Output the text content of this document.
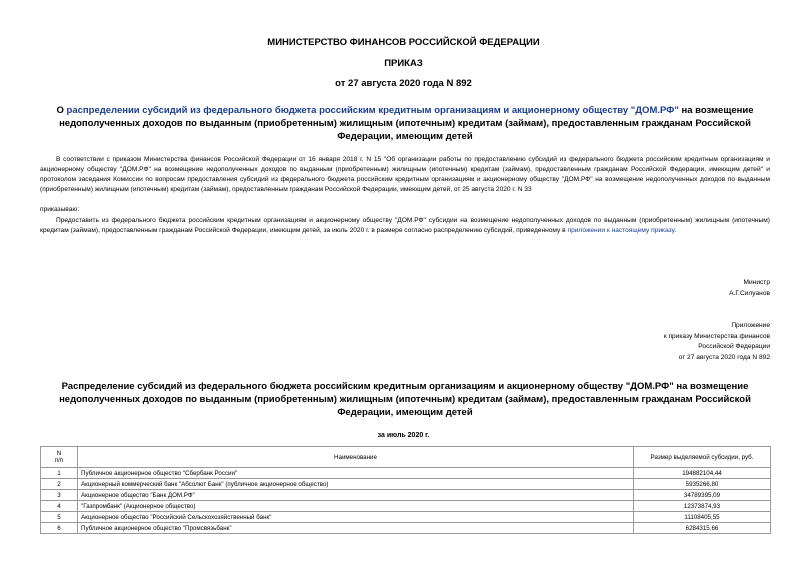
МИНИСТЕРСТВО ФИНАНСОВ РОССИЙСКОЙ ФЕДЕРАЦИИ
ПРИКАЗ
от 27 августа 2020 года N 892
О распределении субсидий из федерального бюджета российским кредитным организациям и акционерному обществу "ДОМ.РФ" на возмещение недополученных доходов по выданным (приобретенным) жилищным (ипотечным) кредитам (займам), предоставленным гражданам Российской Федерации, имеющим детей
В соответствии с приказом Министерства финансов Российской Федерации от 16 января 2018 г. N 15 "Об организации работы по предоставлению субсидий из федерального бюджета российским кредитным организациям и акционерному обществу "ДОМ.РФ" на возмещение недополученных доходов по выданным (приобретенным) жилищным (ипотечным) кредитам (займам), предоставленным гражданам Российской Федерации, имеющим детей" и протоколом заседания Комиссии по вопросам предоставления субсидий из федерального бюджета российским кредитным организациям и акционерному обществу "ДОМ.РФ" на возмещение недополученных доходов по выданным (приобретенным) жилищным (ипотечным) кредитам (займам), предоставленным гражданам Российской Федерации, имеющим детей, от 25 августа 2020 г. N 33
приказываю:
Предоставить из федерального бюджета российским кредитным организациям и акционерному обществу "ДОМ.РФ" субсидии на возмещение недополученных доходов по выданным (приобретенным) жилищным (ипотечным) кредитам (займам), предоставленным гражданам Российской Федерации, имеющим детей, за июль 2020 г. в размере согласно распределению субсидий, приведенному в приложении к настоящему приказу.
Министр
А.Г.Силуанов
Приложение
к приказу Министерства финансов
Российской Федерации
от 27 августа 2020 года N 892
Распределение субсидий из федерального бюджета российским кредитным организациям и акционерному обществу "ДОМ.РФ" на возмещение недополученных доходов по выданным (приобретенным) жилищным (ипотечным) кредитам (займам), предоставленным гражданам Российской Федерации, имеющим детей
за июль 2020 г.
N
п/п	Наименование	Размер выделяемой субсидии, руб.
1	Публичное акционерное общество "Сбербанк России"	194882104,44
2	Акционерный коммерческий банк "Абсолют Банк" (публичное акционерное общество)	5935266,80
3	Акционерное общество "Банк ДОМ.РФ"	34789395,09
4	"Газпромбанк" (Акционерное общество)	12373874,93
5	Акционерное общество "Российский Сельскохозяйственный банк"	11108405,55
6	Публичное акционерное общество "Промсвязьбанк"	6284315,66
